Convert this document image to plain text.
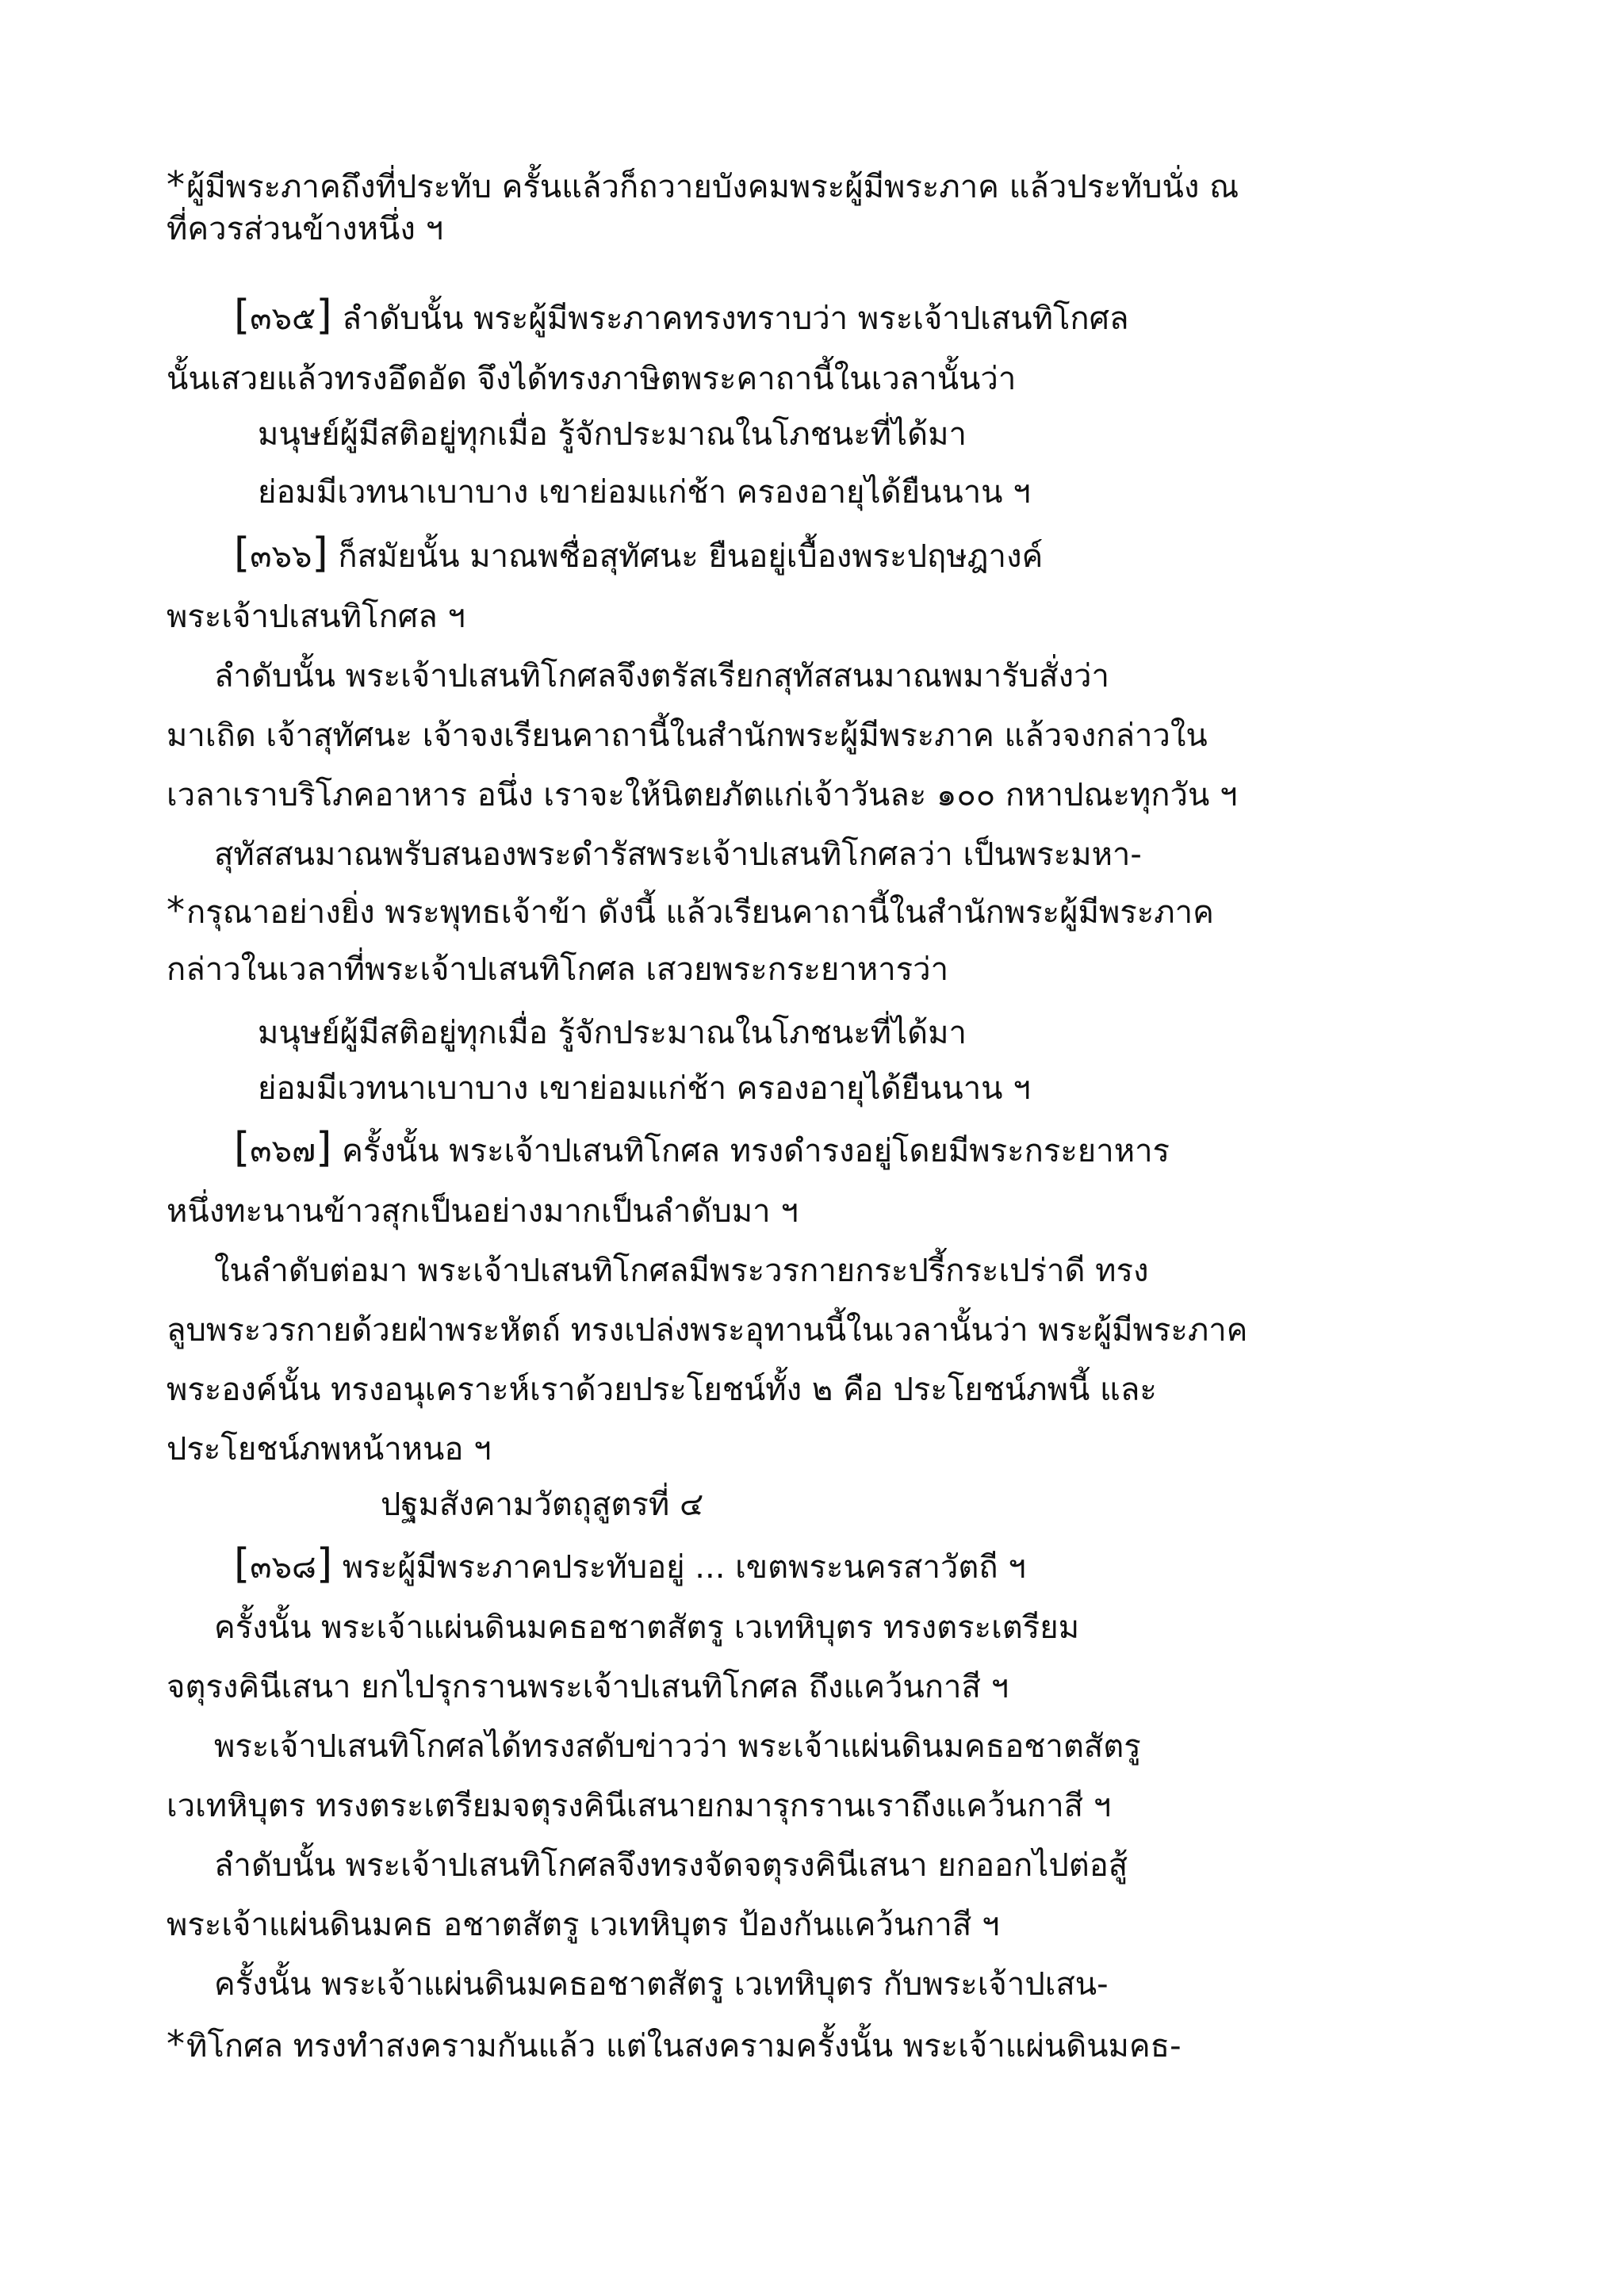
*ผู้มีพระภาคถึงที่ประทับ ครั้นแล้วก็ถวายบังคมพระผู้มีพระภาค แล้วประทับนั่ง ณ
ที่ควรส่วนข้างหนึ่ง ฯ
[๓๖๕] ลำดับนั้น พระผู้มีพระภาคทรงทราบว่า พระเจ้าปเสนทิโกศล
นั้นเสวยแล้วทรงอึดอัด จึงได้ทรงภาษิตพระคาถานี้ในเวลานั้นว่า
มนุษย์ผู้มีสติอยู่ทุกเมื่อ รู้จักประมาณในโภชนะที่ได้มา
ย่อมมีเวทนาเบาบาง เขาย่อมแก่ช้า ครองอายุได้ยืนนาน ฯ
[๓๖๖] ก็สมัยนั้น มาณพชื่อสุทัศนะ ยืนอยู่เบื้องพระปฤษฎางค์
พระเจ้าปเสนทิโกศล ฯ
ลำดับนั้น พระเจ้าปเสนทิโกศลจึงตรัสเรียกสุทัสสนมาณพมารับสั่งว่า
มาเถิด เจ้าสุทัศนะ เจ้าจงเรียนคาถานี้ในสำนักพระผู้มีพระภาค แล้วจงกล่าวใน
เวลาเราบริโภคอาหาร อนึ่ง เราจะให้นิตยภัตแก่เจ้าวันละ ๑๐๐ กหาปณะทุกวัน ฯ
สุทัสสนมาณพรับสนองพระดำรัสพระเจ้าปเสนทิโกศลว่า เป็นพระมหา-
*กรุณาอย่างยิ่ง พระพุทธเจ้าข้า ดังนี้ แล้วเรียนคาถานี้ในสำนักพระผู้มีพระภาค
กล่าวในเวลาที่พระเจ้าปเสนทิโกศล เสวยพระกระยาหารว่า
มนุษย์ผู้มีสติอยู่ทุกเมื่อ รู้จักประมาณในโภชนะที่ได้มา
ย่อมมีเวทนาเบาบาง เขาย่อมแก่ช้า ครองอายุได้ยืนนาน ฯ
[๓๖๗] ครั้งนั้น พระเจ้าปเสนทิโกศล ทรงดำรงอยู่โดยมีพระกระยาหาร
หนึ่งทะนานข้าวสุกเป็นอย่างมากเป็นลำดับมา ฯ
ในลำดับต่อมา พระเจ้าปเสนทิโกศลมีพระวรกายกระปรี้กระเปร่าดี ทรง
ลูบพระวรกายด้วยฝ่าพระหัตถ์ ทรงเปล่งพระอุทานนี้ในเวลานั้นว่า พระผู้มีพระภาค
พระองค์นั้น ทรงอนุเคราะห์เราด้วยประโยชน์ทั้ง ๒ คือ ประโยชน์ภพนี้ และ
ประโยชน์ภพหน้าหนอ ฯ
ปฐมสังคามวัตถุสูตรที่ ๔
[๓๖๘] พระผู้มีพระภาคประทับอยู่ ... เขตพระนครสาวัตถี ฯ
ครั้งนั้น พระเจ้าแผ่นดินมคธอชาตสัตรู เวเทหิบุตร ทรงตระเตรียม
จตุรงคินีเสนา ยกไปรุกรานพระเจ้าปเสนทิโกศล ถึงแคว้นกาสี ฯ
พระเจ้าปเสนทิโกศลได้ทรงสดับข่าวว่า พระเจ้าแผ่นดินมคธอชาตสัตรู
เวเทหิบุตร ทรงตระเตรียมจตุรงคินีเสนายกมารุกรานเราถึงแคว้นกาสี ฯ
ลำดับนั้น พระเจ้าปเสนทิโกศลจึงทรงจัดจตุรงคินีเสนา ยกออกไปต่อสู้
พระเจ้าแผ่นดินมคธ อชาตสัตรู เวเทหิบุตร ป้องกันแคว้นกาสี ฯ
ครั้งนั้น พระเจ้าแผ่นดินมคธอชาตสัตรู เวเทหิบุตร กับพระเจ้าปเสน-
*ทิโกศล ทรงทำสงครามกันแล้ว แต่ในสงครามครั้งนั้น พระเจ้าแผ่นดินมคธ-
